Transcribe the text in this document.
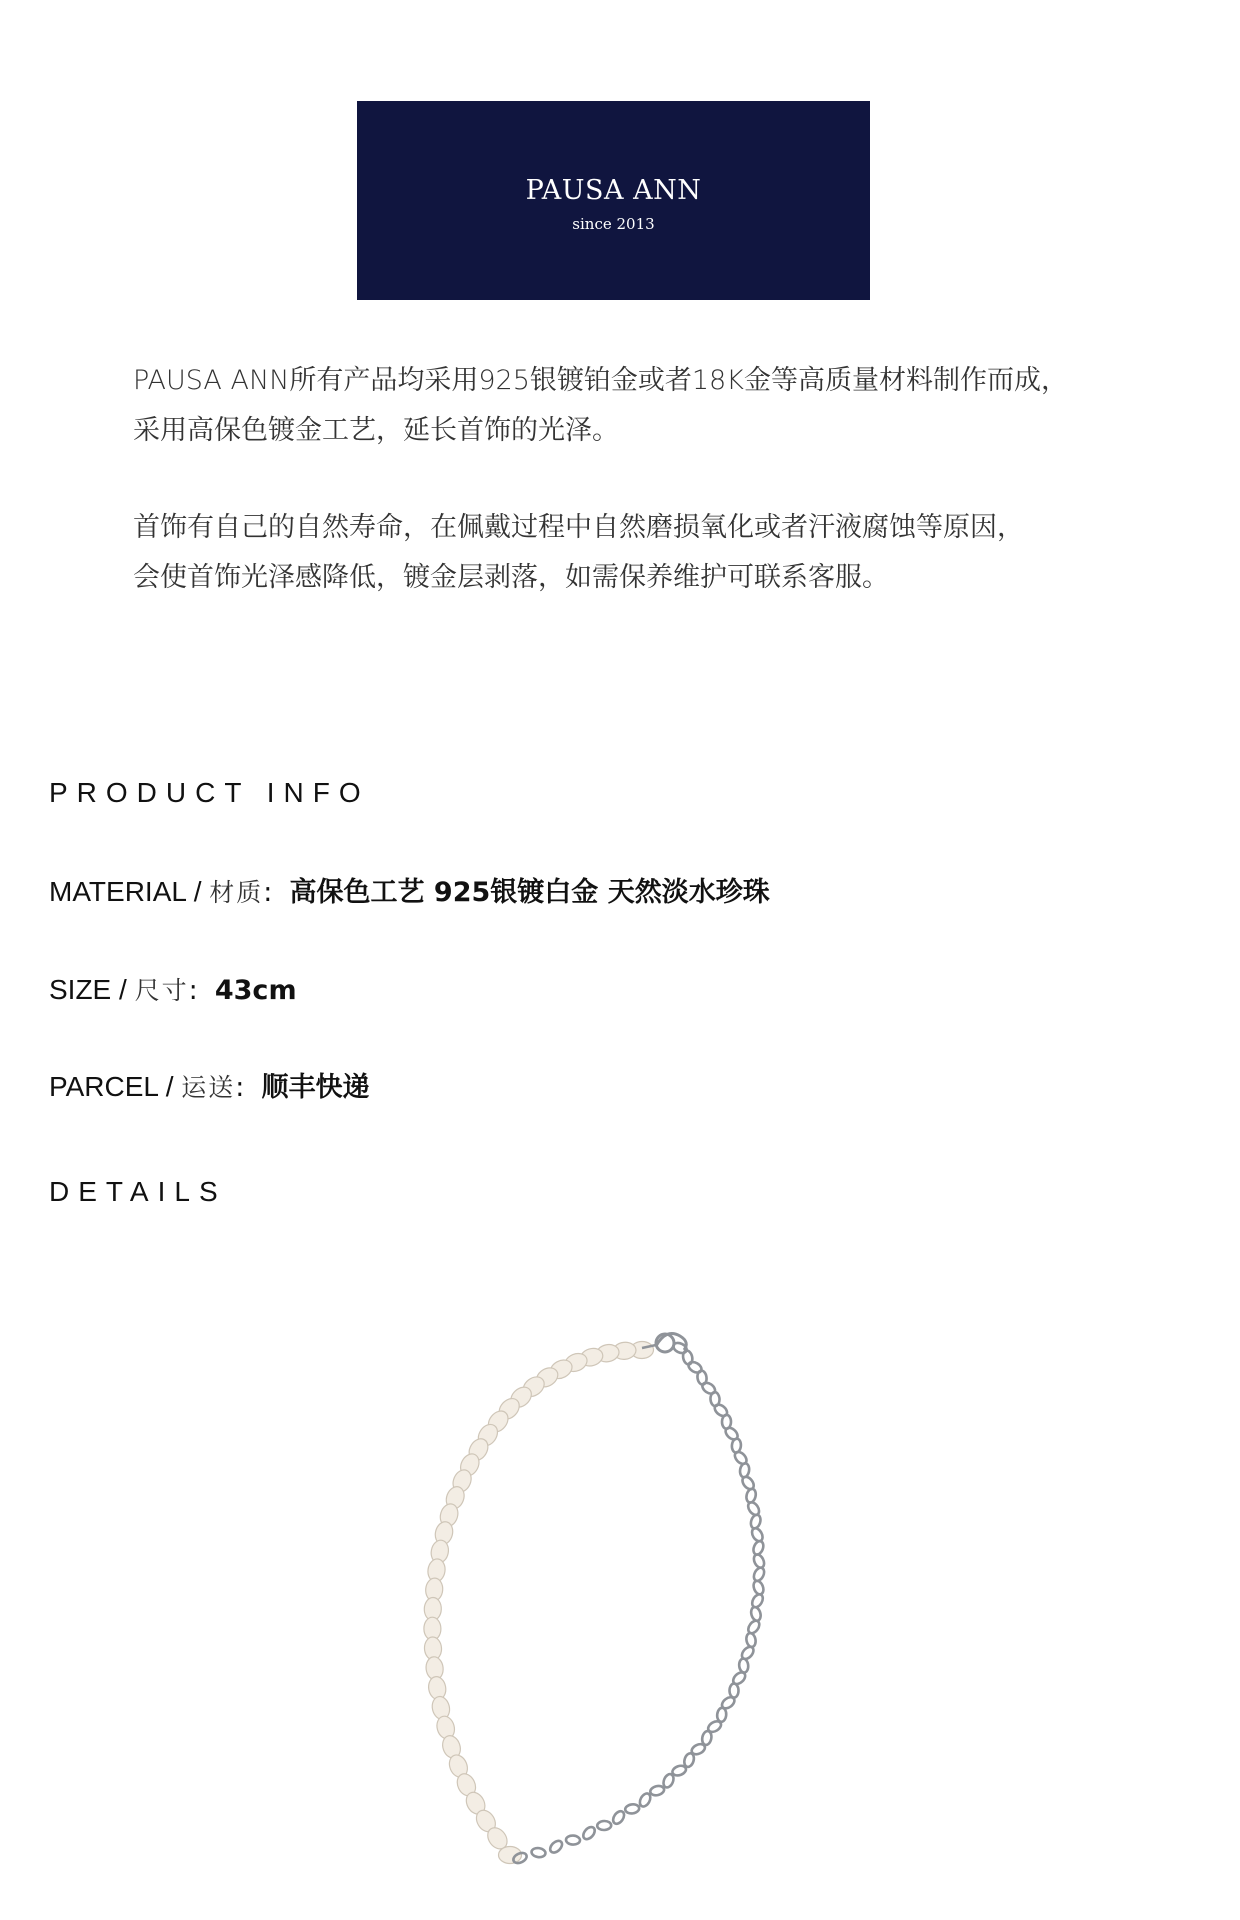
PAUSA ANN
since 2013

PAUSA ANN所有产品均采用925银镀铂金或者18K金等高质量材料制作而成，

采用高保色镀金工艺，延长首饰的光泽。

首饰有自己的自然寿命，在佩戴过程中自然磨损氧化或者汗液腐蚀等原因，

会使首饰光泽感降低，镀金层剥落，如需保养维护可联系客服。

PRODUCT INFO
MATERIAL / 材质:  高保色工艺 925银镀白金 天然淡水珍珠
SIZE / 尺寸:  43cm
PARCEL / 运送:  顺丰快递
DETAILS
